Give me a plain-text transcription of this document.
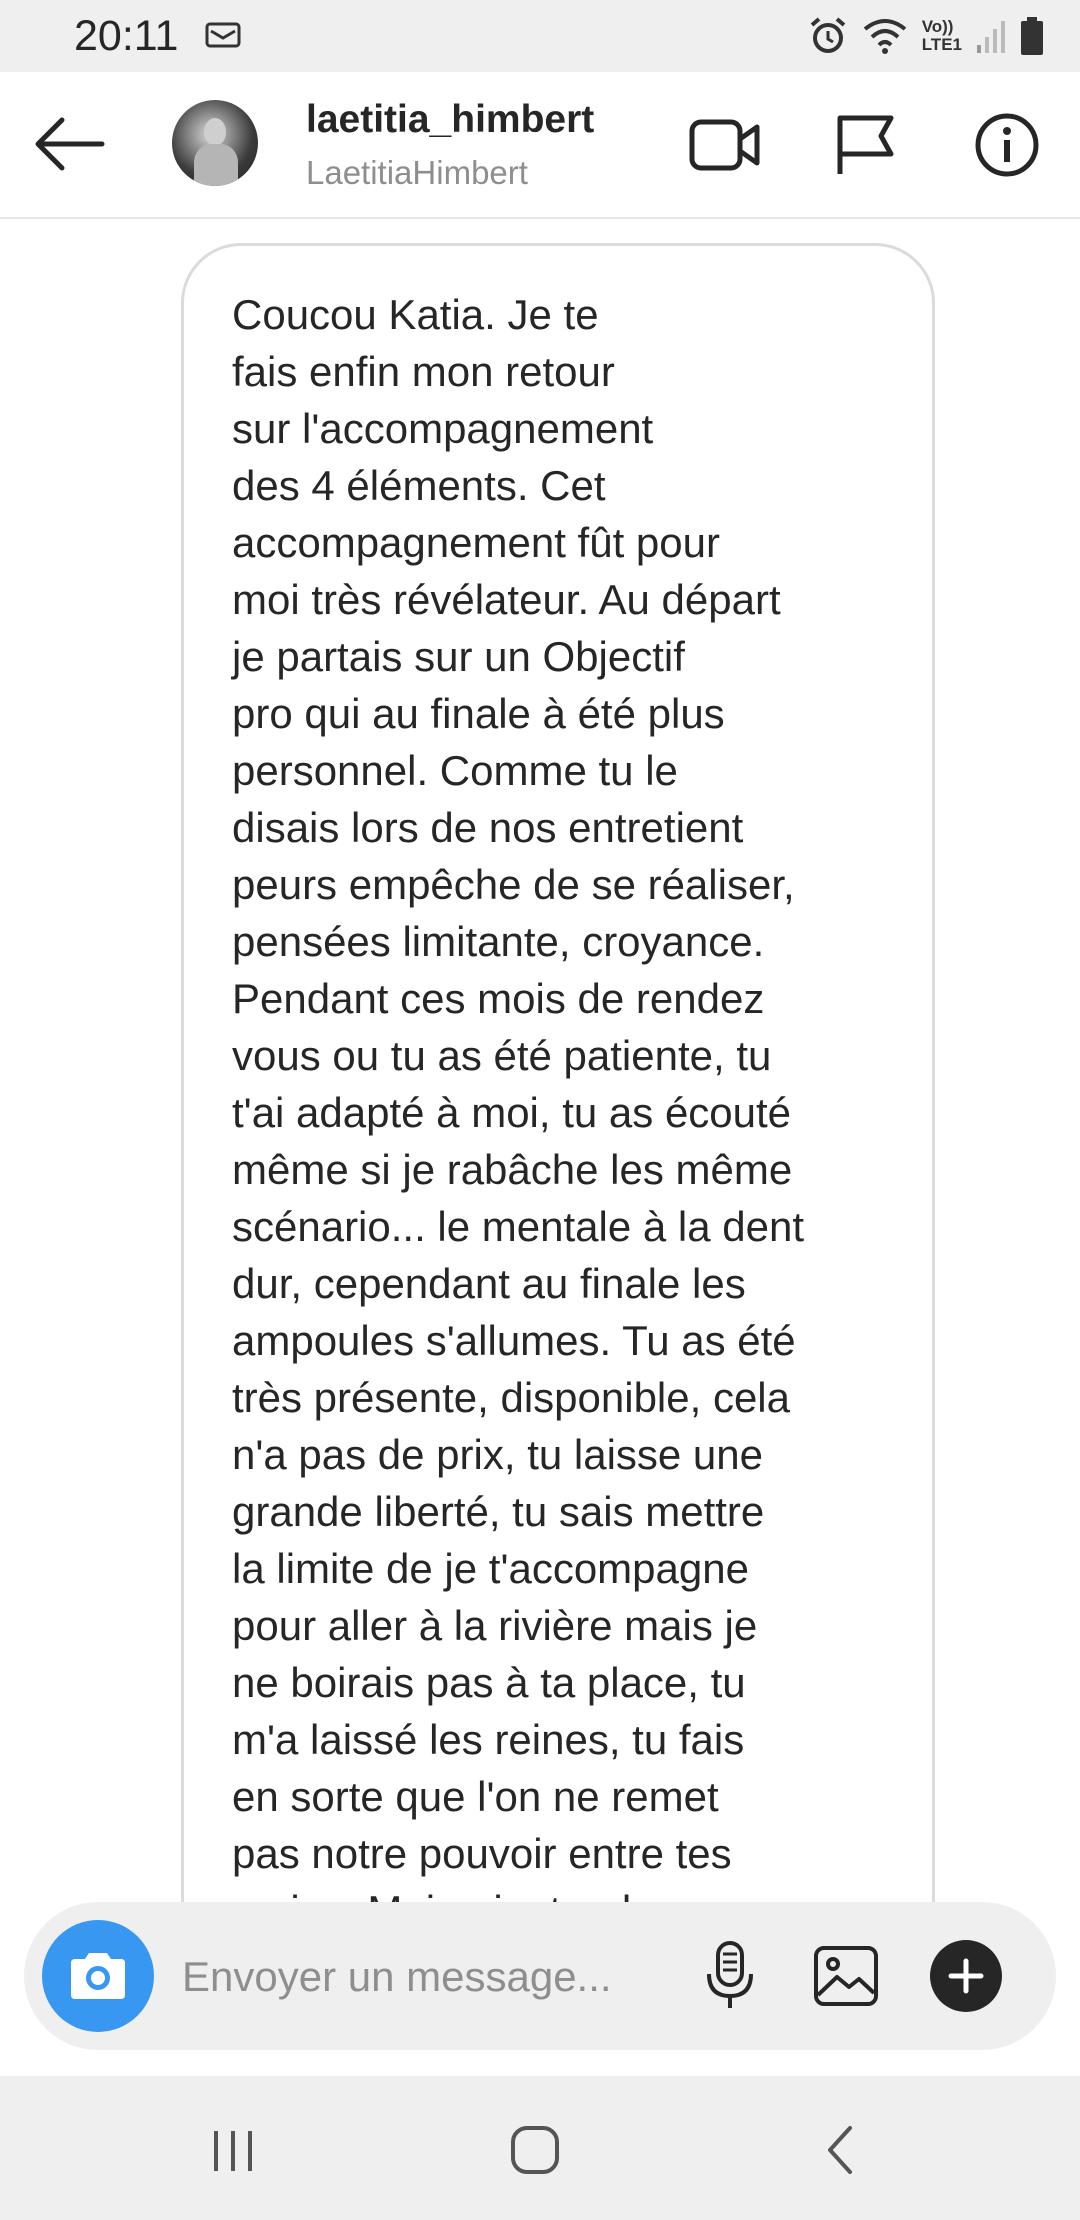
20:11	Vo))
LTE1
laetitia_himbert
LaetitiaHimbert
Coucou Katia. Je te
fais enfin mon retour
sur l'accompagnement
des 4 éléments. Cet
accompagnement fût pour
moi très révélateur. Au départ
je partais sur un Objectif
pro qui au finale à été plus
personnel. Comme tu le
disais lors de nos entretient
peurs empêche de se réaliser,
pensées limitante, croyance.
Pendant ces mois de rendez
vous ou tu as été patiente, tu
t'ai adapté à moi, tu as écouté
même si je rabâche les même
scénario... le mentale à la dent
dur, cependant au finale les
ampoules s'allumes. Tu as été
très présente, disponible, cela
n'a pas de prix, tu laisse une
grande liberté, tu sais mettre
la limite de je t'accompagne
pour aller à la rivière mais je
ne boirais pas à ta place, tu
m'a laissé les reines, tu fais
en sorte que l'on ne remet
pas notre pouvoir entre tes

Envoyer un message...
